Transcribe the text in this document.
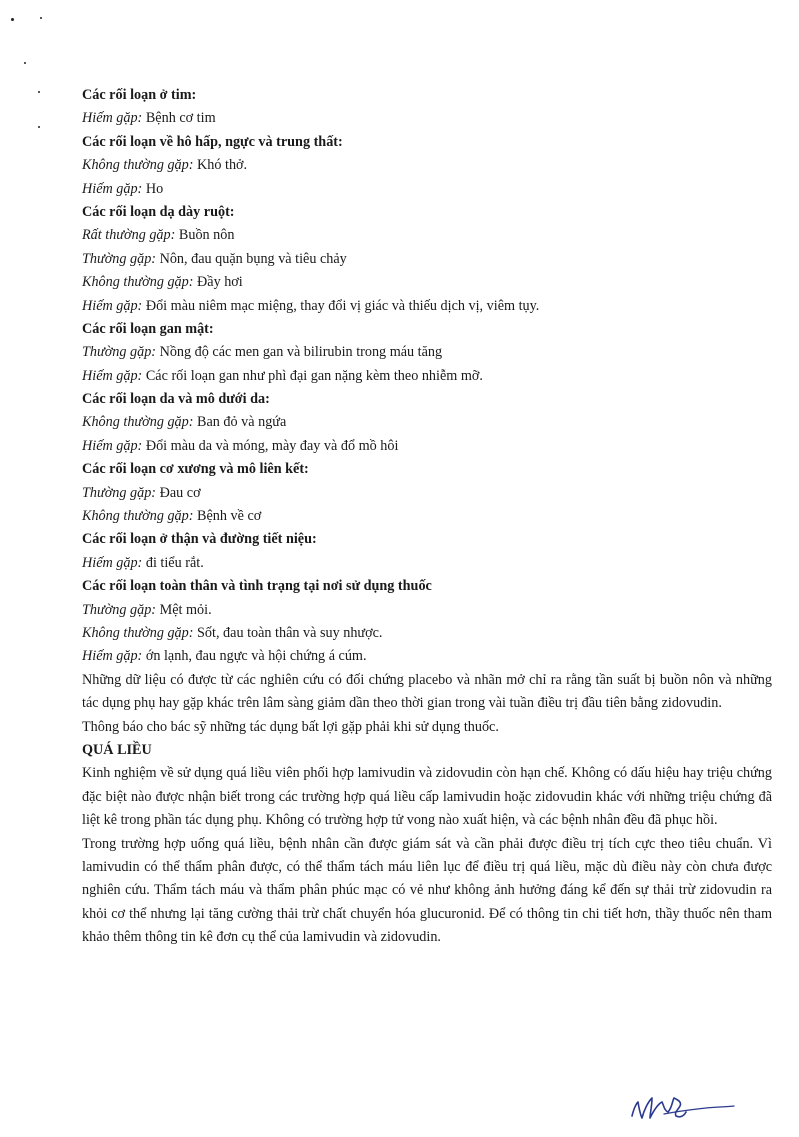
Các rối loạn ở tim:
Hiếm gặp: Bệnh cơ tim
Các rối loạn về hô hấp, ngực và trung thất:
Không thường gặp: Khó thở.
Hiếm gặp: Ho
Các rối loạn dạ dày ruột:
Rất thường gặp: Buồn nôn
Thường gặp: Nôn, đau quặn bụng và tiêu chảy
Không thường gặp: Đầy hơi
Hiếm gặp: Đổi màu niêm mạc miệng, thay đổi vị giác và thiếu dịch vị, viêm tụy.
Các rối loạn gan mật:
Thường gặp: Nồng độ các men gan và bilirubin trong máu tăng
Hiếm gặp: Các rối loạn gan như phì đại gan nặng kèm theo nhiễm mỡ.
Các rối loạn da và mô dưới da:
Không thường gặp: Ban đỏ và ngứa
Hiếm gặp: Đổi màu da và móng, mày đay và đổ mồ hôi
Các rối loạn cơ xương và mô liên kết:
Thường gặp: Đau cơ
Không thường gặp: Bệnh về cơ
Các rối loạn ở thận và đường tiết niệu:
Hiếm gặp: đi tiểu rắt.
Các rối loạn toàn thân và tình trạng tại nơi sử dụng thuốc
Thường gặp: Mệt mỏi.
Không thường gặp: Sốt, đau toàn thân và suy nhược.
Hiếm gặp: ớn lạnh, đau ngực và hội chứng á cúm.

Những dữ liệu có được từ các nghiên cứu có đối chứng placebo và nhãn mở chỉ ra rằng tần suất bị buồn nôn và những tác dụng phụ hay gặp khác trên lâm sàng giảm dần theo thời gian trong vài tuần điều trị đầu tiên bằng zidovudin.

Thông báo cho bác sỹ những tác dụng bất lợi gặp phải khi sử dụng thuốc.

QUÁ LIỀU

Kinh nghiệm về sử dụng quá liều viên phối hợp lamivudin và zidovudin còn hạn chế. Không có dấu hiệu hay triệu chứng đặc biệt nào được nhận biết trong các trường hợp quá liều cấp lamivudin hoặc zidovudin khác với những triệu chứng đã liệt kê trong phần tác dụng phụ. Không có trường hợp tử vong nào xuất hiện, và các bệnh nhân đều đã phục hồi.

Trong trường hợp uống quá liều, bệnh nhân cần được giám sát và cần phải được điều trị tích cực theo tiêu chuẩn. Vì lamivudin có thể thẩm phân được, có thể thẩm tách máu liên lục để điều trị quá liều, mặc dù điều này còn chưa được nghiên cứu. Thẩm tách máu và thẩm phân phúc mạc có vẻ như không ảnh hưởng đáng kể đến sự thải trừ zidovudin ra khỏi cơ thể nhưng lại tăng cường thải trừ chất chuyển hóa glucuronid. Để có thông tin chi tiết hơn, thầy thuốc nên tham khảo thêm thông tin kê đơn cụ thể của lamivudin và zidovudin.
